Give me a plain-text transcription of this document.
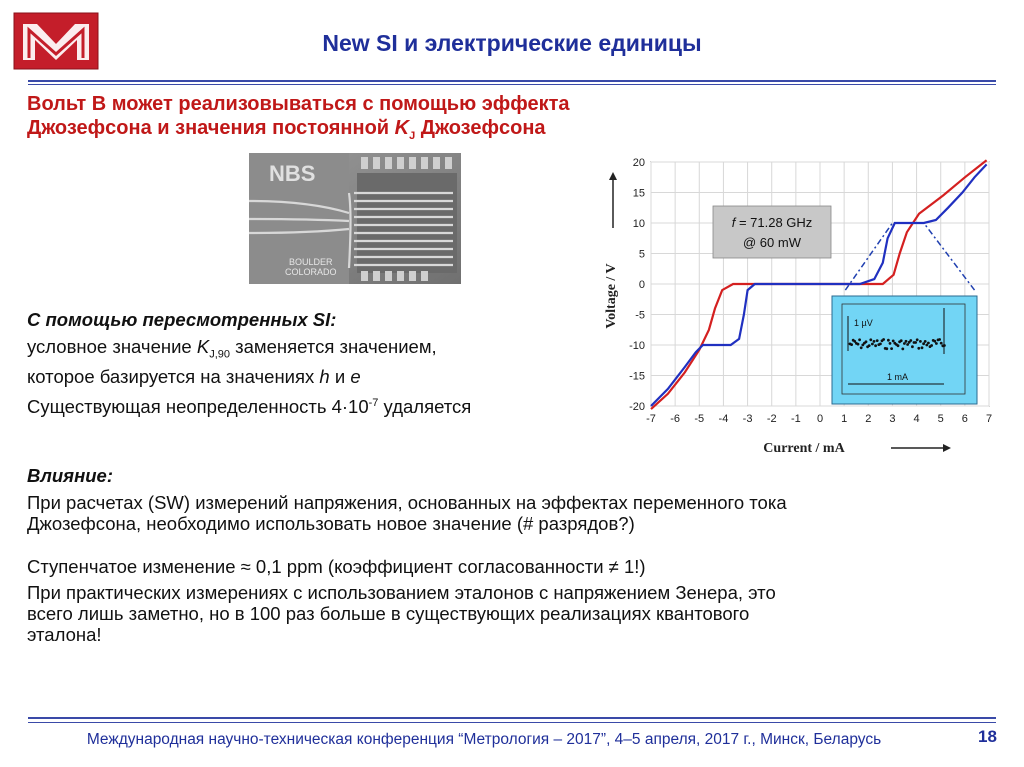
New SI и электрические единицы
Вольт В может реализовываться с помощью эффекта
Джозефсона и значения постоянной $K_J$ Джозефсона
NBS
BOULDER
COLORADO
С помощью пересмотренных SI:
условное значение $K_{J,90}$ заменяется значением,
которое базируется на значениях h и e
Существующая неопределенность $4\cdot 10^{-7}$ удаляется
-7 -6 -5 -4 -3 -2 -1 0 1 2 3 4 5 6 7
20
15
10
5
0
-5
-10
-15
-20
Current / mA
Voltage / V
f = 71.28 GHz
@ 60 mW
1 µV
1 mA
Влияние:
При расчетах (SW) измерений напряжения, основанных на эффектах переменного тока
Джозефсона, необходимо использовать новое значение (# разрядов?)
Ступенчатое изменение ≈ 0,1 ppm (коэффициент согласованности ≠ 1!)
При практических измерениях с использованием эталонов с напряжением Зенера, это
всего лишь заметно, но в 100 раз больше в существующих реализациях квантового
эталона!
Международная научно-техническая конференция “Метрология – 2017”, 4–5 апреля, 2017 г., Минск, Беларусь	18
